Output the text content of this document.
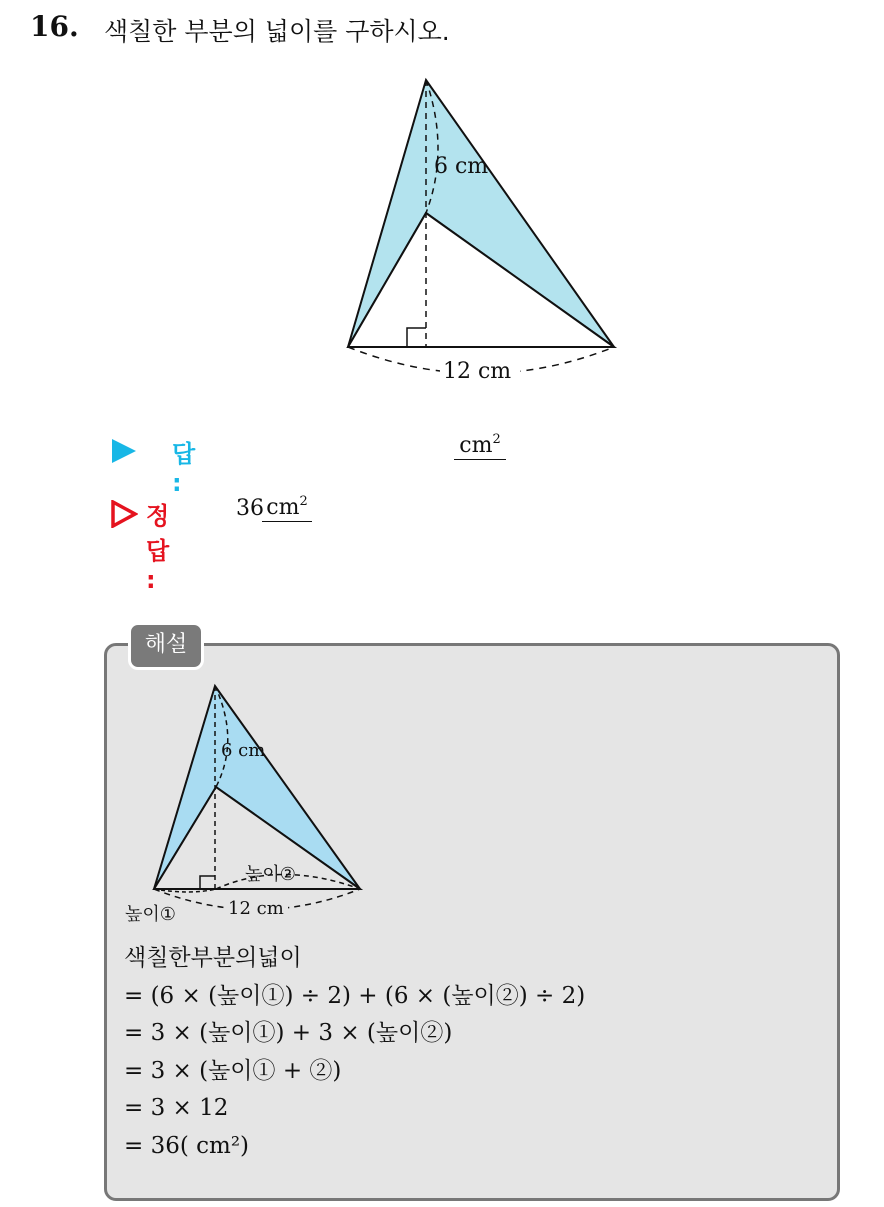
16. 색칠한 부분의 넓이를 구하시오.
6 cm
12 cm
답 :
$cm^2$
정답 :
36 $cm^2$
해설
6 cm
12 cm
높이①
높이②
색칠한부분의넓이
= (6 × (높이①) ÷ 2) + (6 × (높이②) ÷ 2)
= 3 × (높이①) + 3 × (높이②)
= 3 × (높이① + ②)
= 3 × 12
= 36( cm²)
